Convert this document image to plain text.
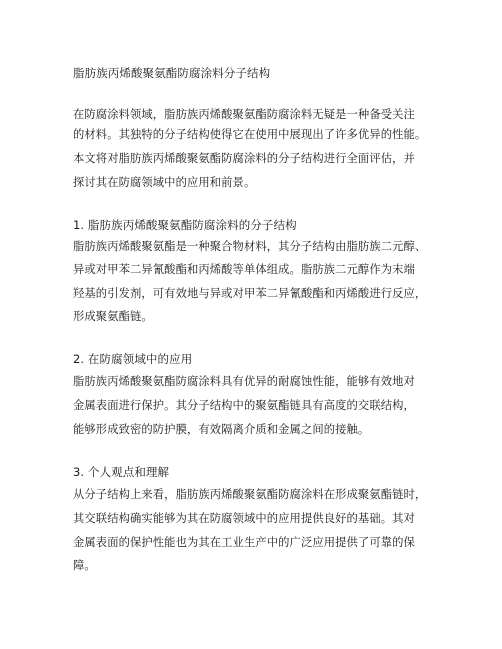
脂肪族丙烯酸聚氨酯防腐涂料分子结构
在防腐涂料领域，脂肪族丙烯酸聚氨酯防腐涂料无疑是一种备受关注
的材料。其独特的分子结构使得它在使用中展现出了许多优异的性能。
本文将对脂肪族丙烯酸聚氨酯防腐涂料的分子结构进行全面评估，并
探讨其在防腐领域中的应用和前景。
1. 脂肪族丙烯酸聚氨酯防腐涂料的分子结构
脂肪族丙烯酸聚氨酯是一种聚合物材料，其分子结构由脂肪族二元醇、
异或对甲苯二异氰酸酯和丙烯酸等单体组成。脂肪族二元醇作为末端
羟基的引发剂，可有效地与异或对甲苯二异氰酸酯和丙烯酸进行反应，
形成聚氨酯链。
2. 在防腐领域中的应用
脂肪族丙烯酸聚氨酯防腐涂料具有优异的耐腐蚀性能，能够有效地对
金属表面进行保护。其分子结构中的聚氨酯链具有高度的交联结构，
能够形成致密的防护膜，有效隔离介质和金属之间的接触。
3. 个人观点和理解
从分子结构上来看，脂肪族丙烯酸聚氨酯防腐涂料在形成聚氨酯链时，
其交联结构确实能够为其在防腐领域中的应用提供良好的基础。其对
金属表面的保护性能也为其在工业生产中的广泛应用提供了可靠的保
障。
